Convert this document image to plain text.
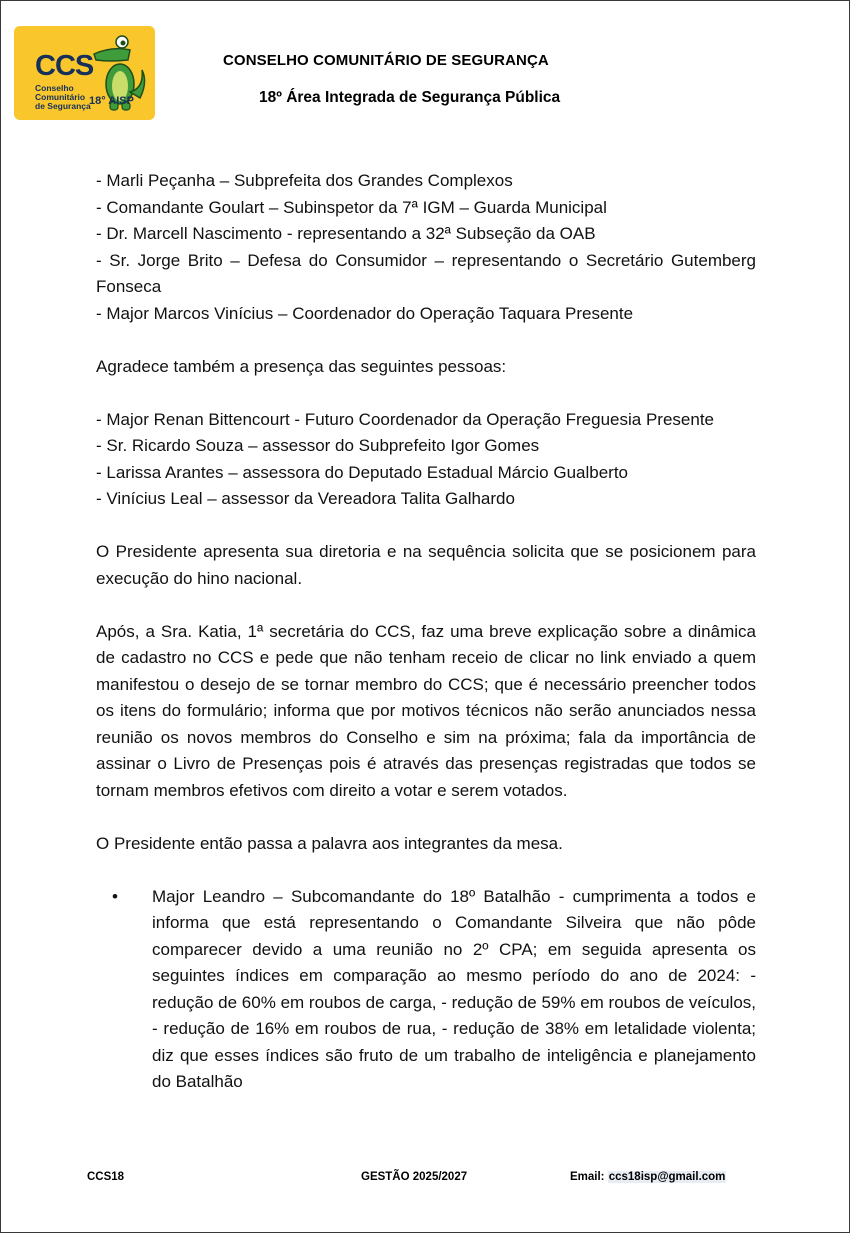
CCS
Conselho
Comunitário
de Segurança
18° AISP
CONSELHO COMUNITÁRIO DE SEGURANÇA
18º Área Integrada de Segurança Pública

- Marli Peçanha – Subprefeita dos Grandes Complexos

- Comandante Goulart – Subinspetor da 7ª IGM – Guarda Municipal

- Dr. Marcell Nascimento - representando a 32ª Subseção da OAB

- Sr. Jorge Brito – Defesa do Consumidor – representando o Secretário Gutemberg Fonseca

- Major Marcos Vinícius – Coordenador do Operação Taquara Presente

Agradece também a presença das seguintes pessoas:

- Major Renan Bittencourt - Futuro Coordenador da Operação Freguesia Presente

- Sr. Ricardo Souza – assessor do Subprefeito Igor Gomes

- Larissa Arantes – assessora do Deputado Estadual Márcio Gualberto

- Vinícius Leal – assessor da Vereadora Talita Galhardo

O Presidente apresenta sua diretoria e na sequência solicita que se posicionem para execução do hino nacional.

Após, a Sra. Katia, 1ª secretária do CCS, faz uma breve explicação sobre a dinâmica de cadastro no CCS e pede que não tenham receio de clicar no link enviado a quem manifestou o desejo de se tornar membro do CCS; que é necessário preencher todos os itens do formulário; informa que por motivos técnicos não serão anunciados nessa reunião os novos membros do Conselho e sim na próxima; fala da importância de assinar o Livro de Presenças pois é através das presenças registradas que todos se tornam membros efetivos com direito a votar e serem votados.

O Presidente então passa a palavra aos integrantes da mesa.

• Major Leandro – Subcomandante do 18º Batalhão - cumprimenta a todos e informa que está representando o Comandante Silveira que não pôde comparecer devido a uma reunião no 2º CPA; em seguida apresenta os seguintes índices em comparação ao mesmo período do ano de 2024: - redução de 60% em roubos de carga, - redução de 59% em roubos de veículos, - redução de 16% em roubos de rua, - redução de 38% em letalidade violenta; diz que esses índices são fruto de um trabalho de inteligência e planejamento do Batalhão
CCS18	GESTÃO 2025/2027	Email: ccs18isp@gmail.com
